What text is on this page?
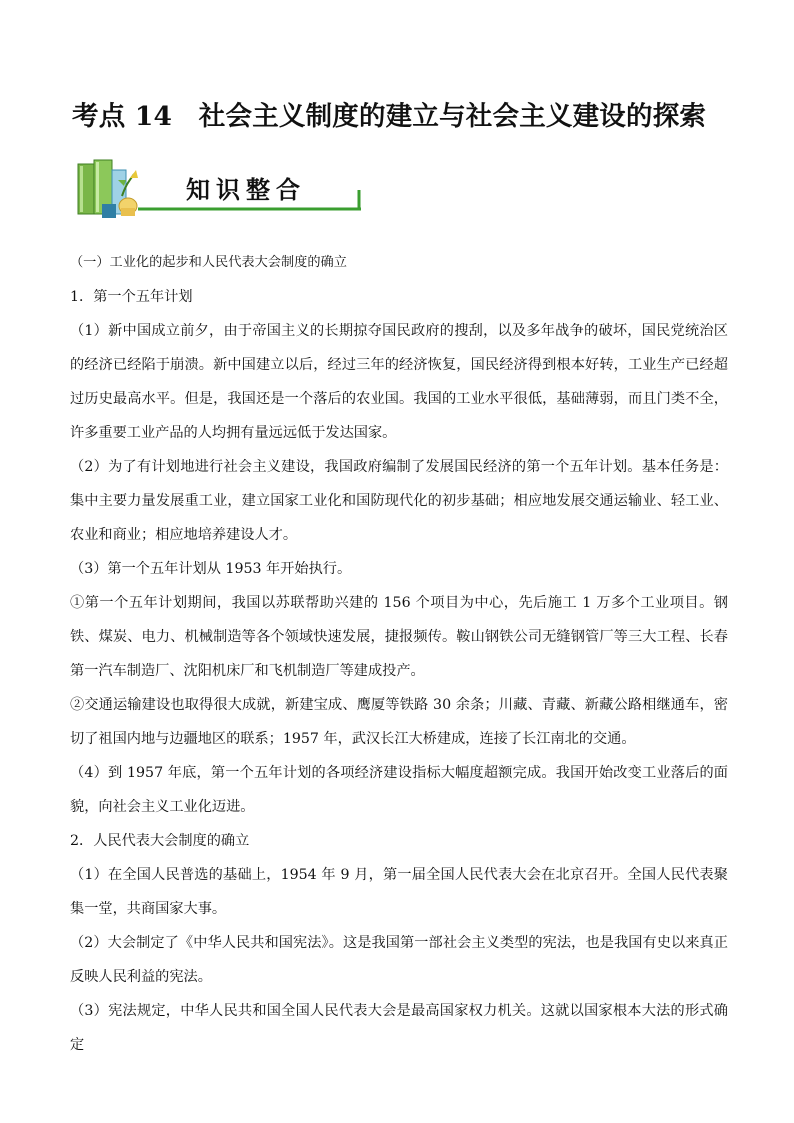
考点 14　社会主义制度的建立与社会主义建设的探索
知识整合

（一）工业化的起步和人民代表大会制度的确立

1．第一个五年计划

（1）新中国成立前夕，由于帝国主义的长期掠夺国民政府的搜刮，以及多年战争的破坏，国民党统治区的经济已经陷于崩溃。新中国建立以后，经过三年的经济恢复，国民经济得到根本好转，工业生产已经超过历史最高水平。但是，我国还是一个落后的农业国。我国的工业水平很低，基础薄弱，而且门类不全，许多重要工业产品的人均拥有量远远低于发达国家。

（2）为了有计划地进行社会主义建设，我国政府编制了发展国民经济的第一个五年计划。基本任务是：集中主要力量发展重工业，建立国家工业化和国防现代化的初步基础；相应地发展交通运输业、轻工业、农业和商业；相应地培养建设人才。

（3）第一个五年计划从 1953 年开始执行。

①第一个五年计划期间，我国以苏联帮助兴建的 156 个项目为中心，先后施工 1 万多个工业项目。钢铁、煤炭、电力、机械制造等各个领域快速发展，捷报频传。鞍山钢铁公司无缝钢管厂等三大工程、长春第一汽车制造厂、沈阳机床厂和飞机制造厂等建成投产。

②交通运输建设也取得很大成就，新建宝成、鹰厦等铁路 30 余条；川藏、青藏、新藏公路相继通车，密切了祖国内地与边疆地区的联系；1957 年，武汉长江大桥建成，连接了长江南北的交通。

（4）到 1957 年底，第一个五年计划的各项经济建设指标大幅度超额完成。我国开始改变工业落后的面貌，向社会主义工业化迈进。

2．人民代表大会制度的确立

（1）在全国人民普选的基础上，1954 年 9 月，第一届全国人民代表大会在北京召开。全国人民代表聚集一堂，共商国家大事。

（2）大会制定了《中华人民共和国宪法》。这是我国第一部社会主义类型的宪法，也是我国有史以来真正反映人民利益的宪法。

（3）宪法规定，中华人民共和国全国人民代表大会是最高国家权力机关。这就以国家根本大法的形式确定
